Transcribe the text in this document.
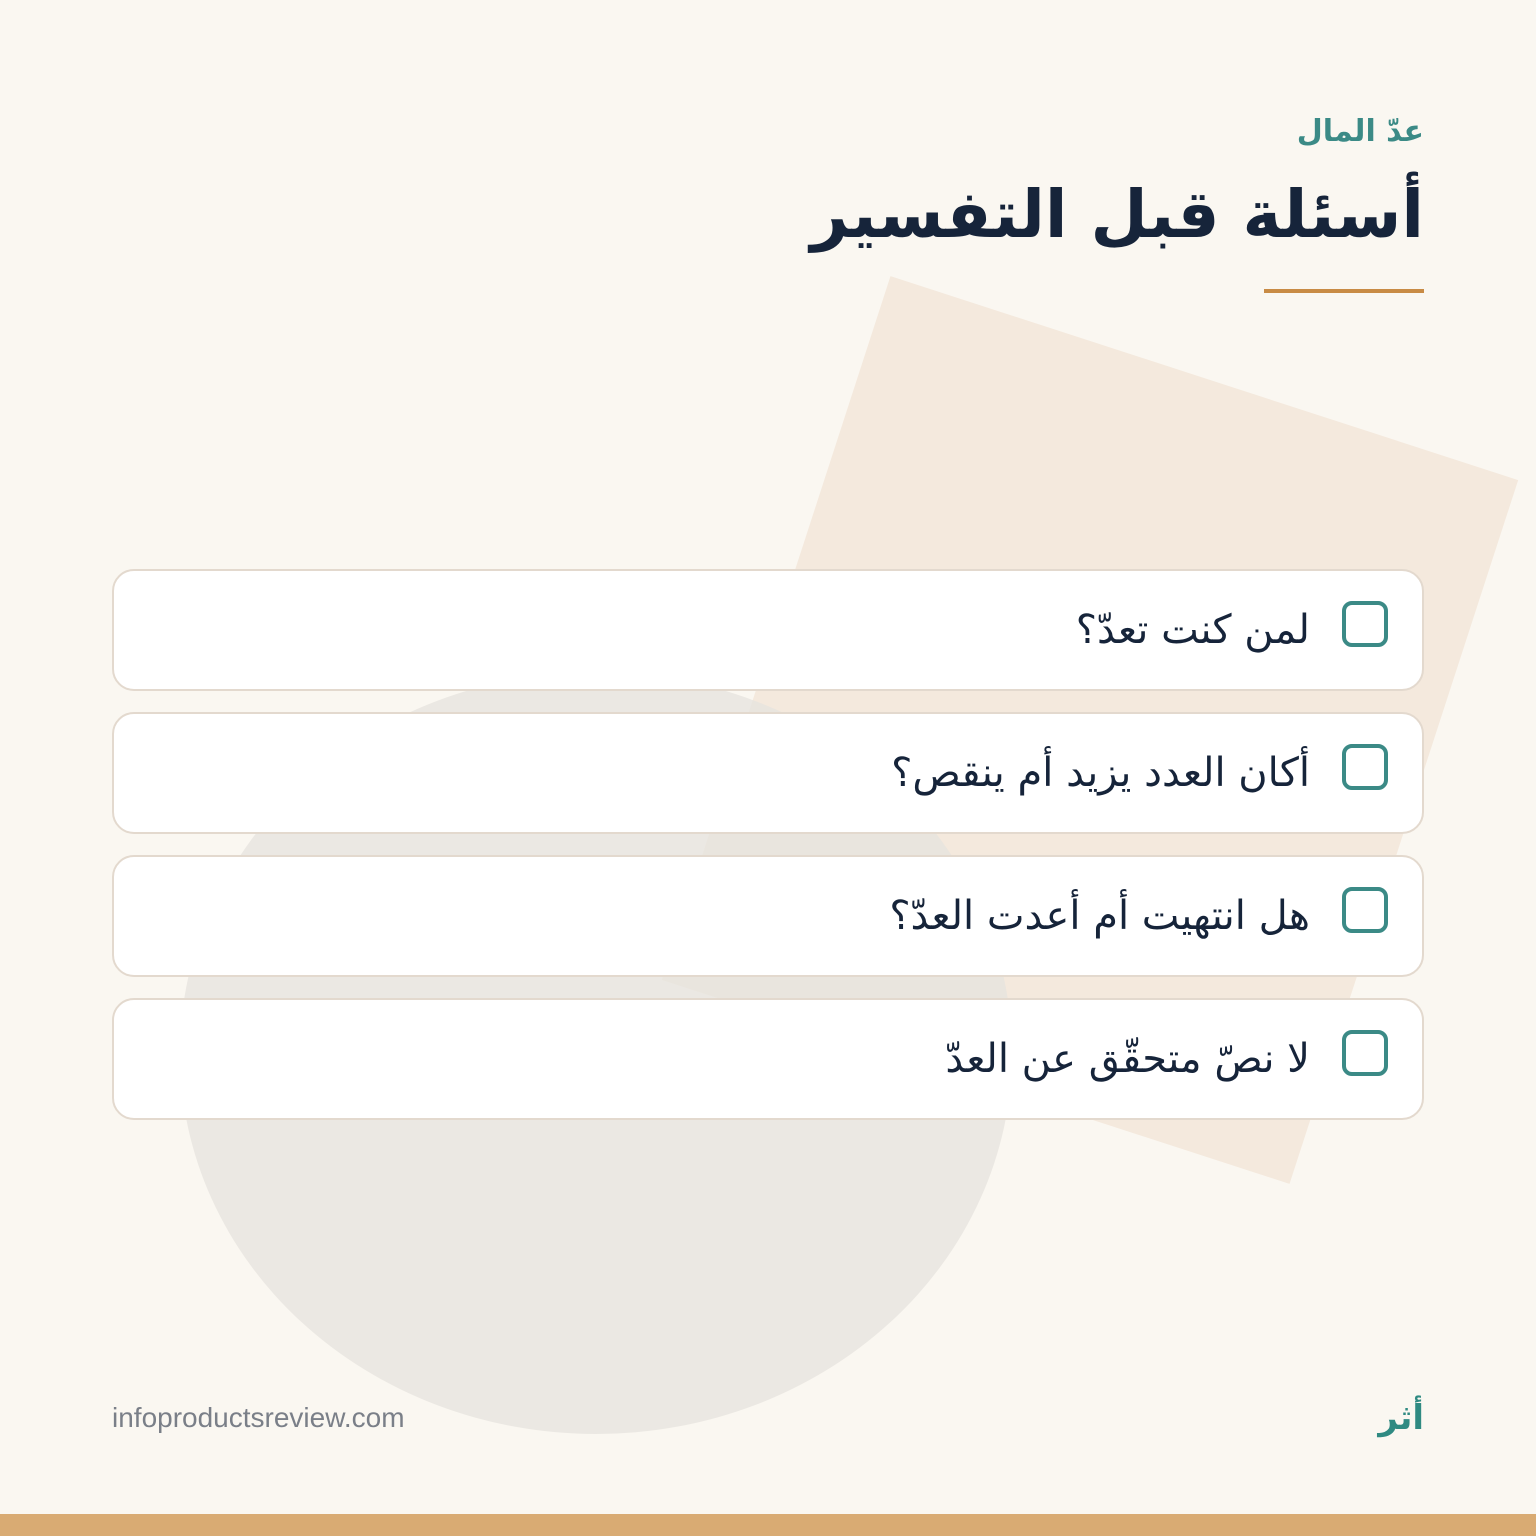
عدّ المال

أسئلة قبل التفسير
لمن كنت تعدّ؟
أكان العدد يزيد أم ينقص؟
هل انتهيت أم أعدت العدّ؟
لا نصّ متحقّق عن العدّ

infoproductsreview.com	أثر
